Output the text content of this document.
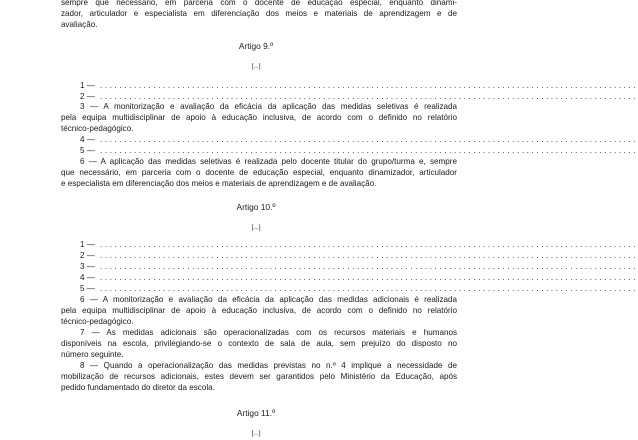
sempre que necessário, em parceria com o docente de educação especial, enquanto dinami-
zador, articulador e especialista em diferenciação dos meios e materiais de aprendizagem e de
avaliação.
Artigo 9.º
[...]
1 — ...............................................................................................................
2 — ...............................................................................................................
3 — A monitorização e avaliação da eficácia da aplicação das medidas seletivas é realizada
pela equipa multidisciplinar de apoio à educação inclusiva, de acordo com o definido no relatório
técnico-pedagógico.
4 — ...............................................................................................................
5 — ...............................................................................................................
6 — A aplicação das medidas seletivas é realizada pelo docente titular do grupo/turma e, sempre
que necessário, em parceria com o docente de educação especial, enquanto dinamizador, articulador
e especialista em diferenciação dos meios e materiais de aprendizagem e de avaliação.
Artigo 10.º
[...]
1 — ...............................................................................................................
2 — ...............................................................................................................
3 — ...............................................................................................................
4 — ...............................................................................................................
5 — ...............................................................................................................
6 — A monitorização e avaliação da eficácia da aplicação das medidas adicionais é realizada
pela equipa multidisciplinar de apoio à educação inclusiva, de acordo com o definido no relatório
técnico-pedagógico.
7 — As medidas adicionais são operacionalizadas com os recursos materiais e humanos
disponíveis na escola, privilegiando-se o contexto de sala de aula, sem prejuízo do disposto no
número seguinte.
8 — Quando a operacionalização das medidas previstas no n.º 4 implique a necessidade de
mobilização de recursos adicionais, estes devem ser garantidos pelo Ministério da Educação, após
pedido fundamentado do diretor da escola.
Artigo 11.º
[...]
